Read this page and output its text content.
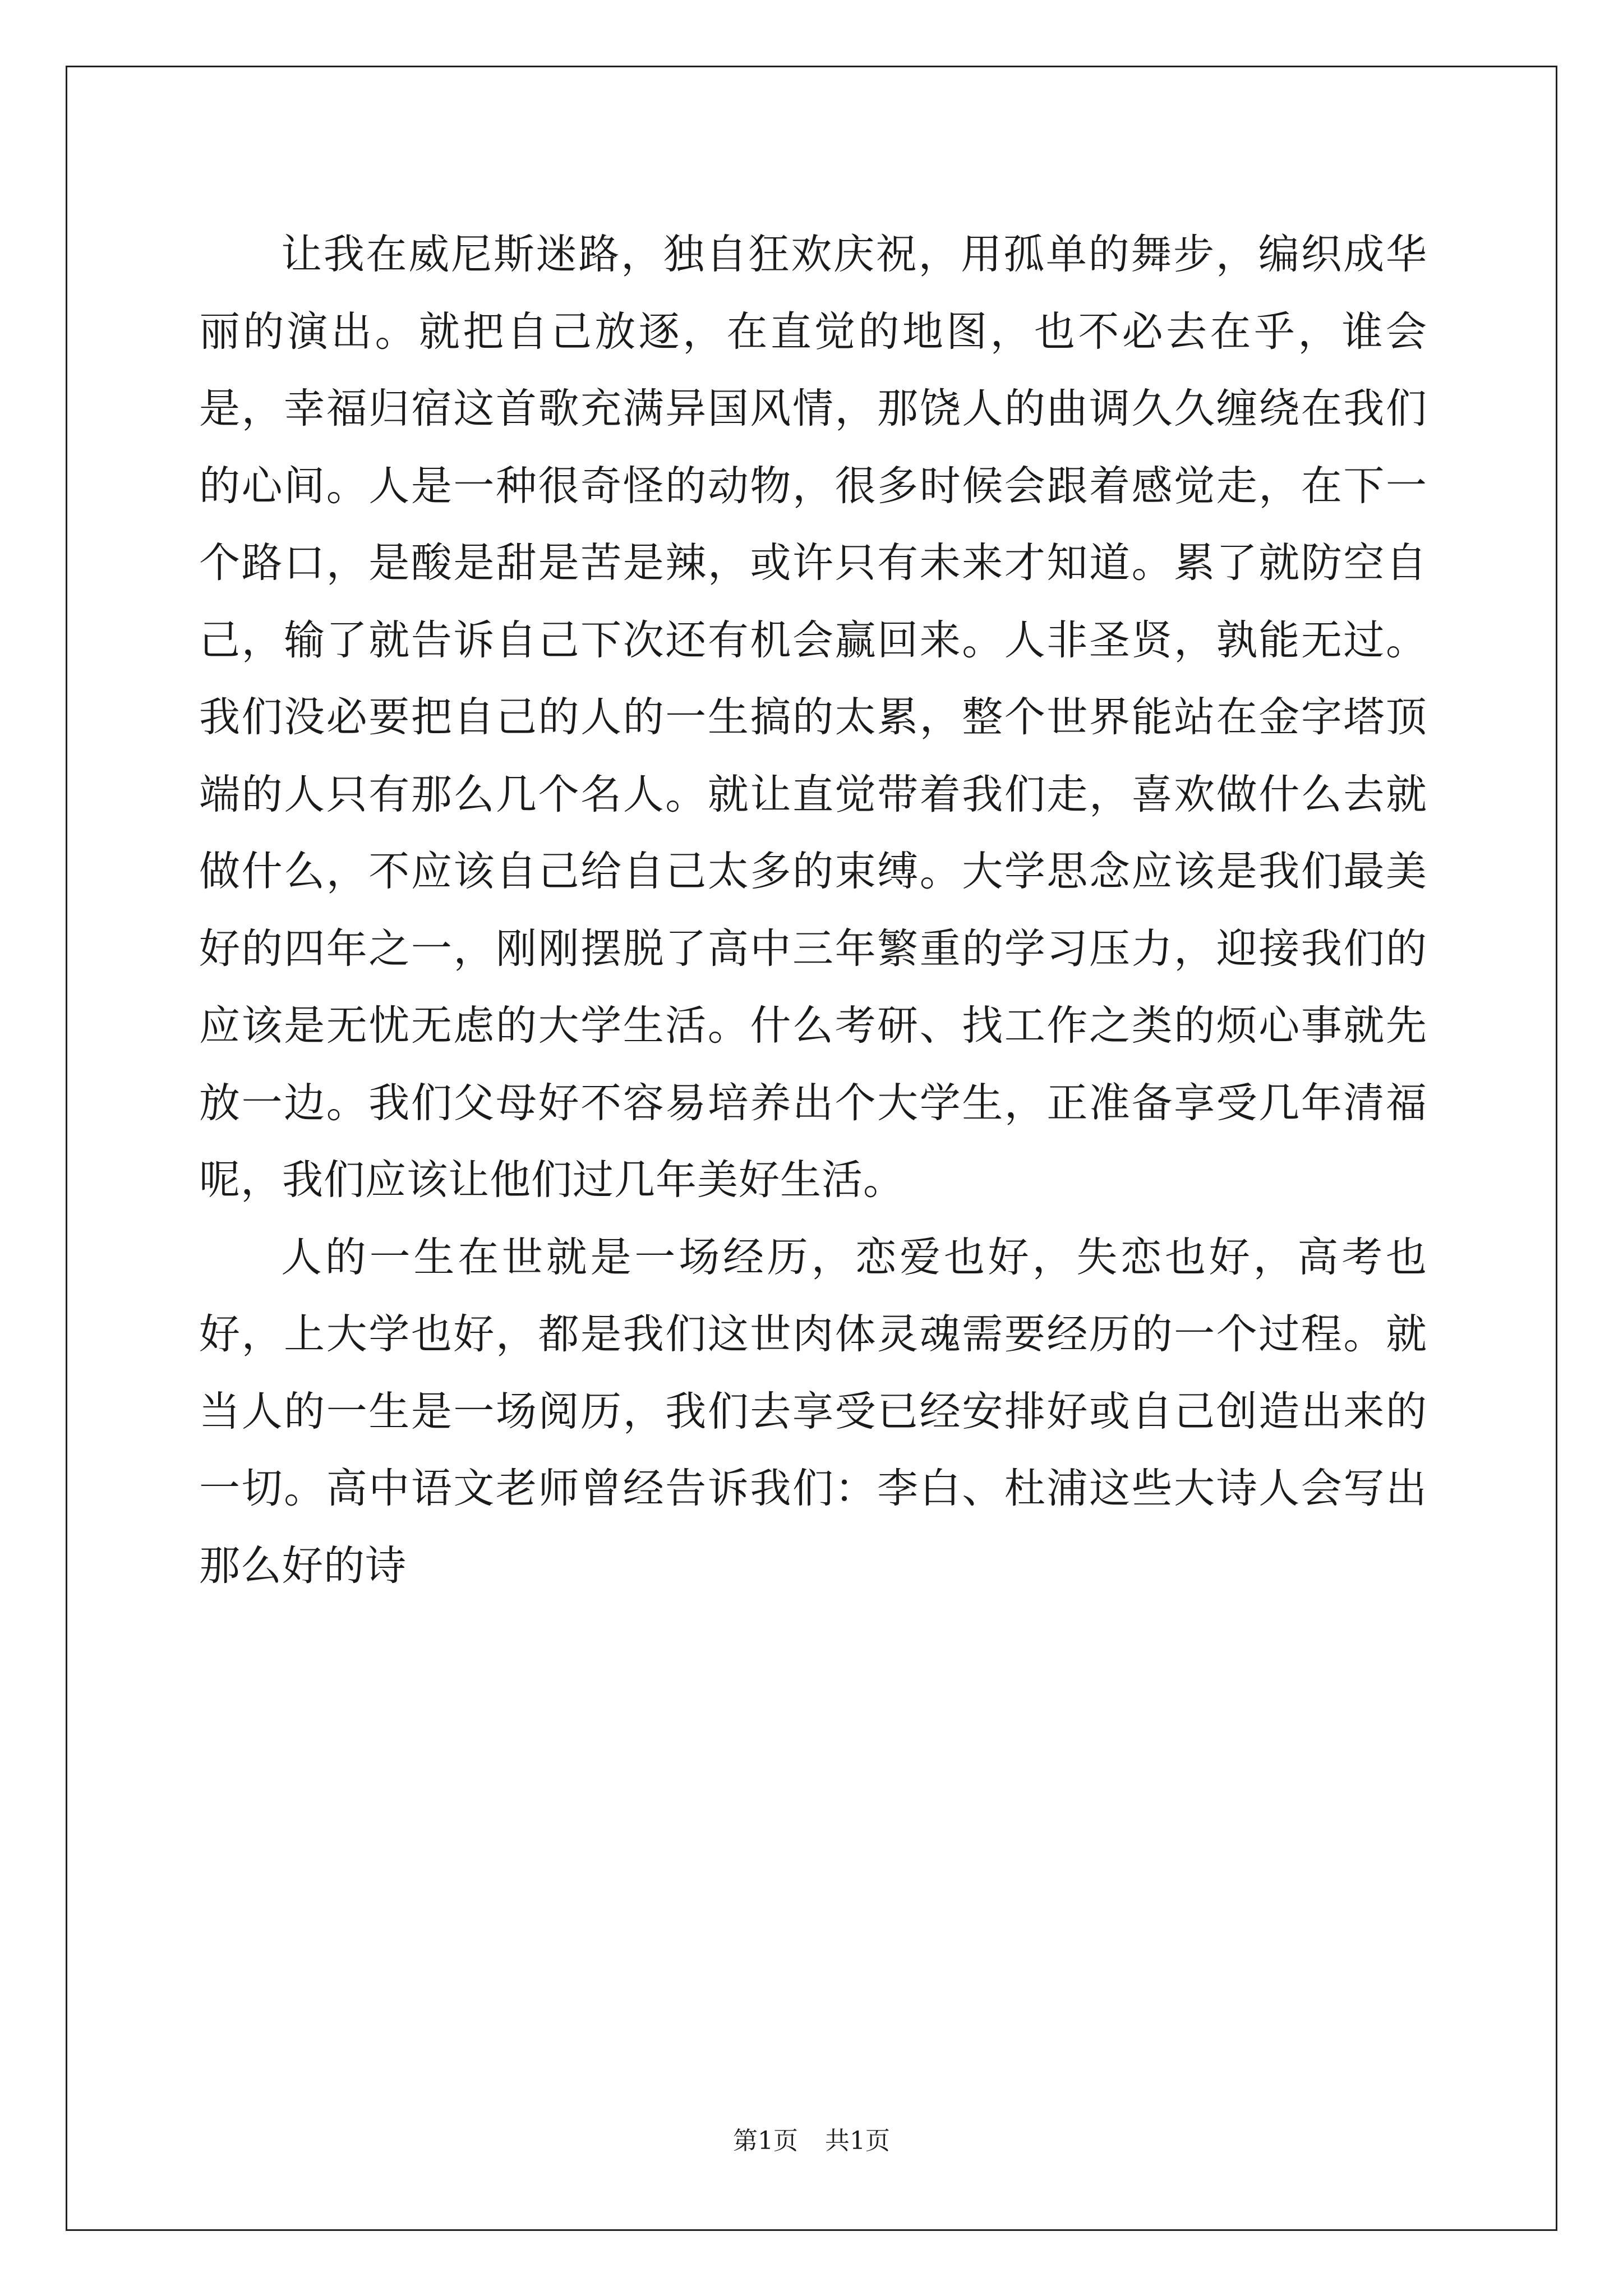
让我在威尼斯迷路，独自狂欢庆祝，用孤单的舞步，编织成华丽的演出。就把自己放逐，在直觉的地图，也不必去在乎，谁会是，幸福归宿这首歌充满异国风情，那饶人的曲调久久缠绕在我们的心间。人是一种很奇怪的动物，很多时候会跟着感觉走，在下一个路口，是酸是甜是苦是辣，或许只有未来才知道。累了就防空自己，输了就告诉自己下次还有机会赢回来。人非圣贤，孰能无过。我们没必要把自己的人的一生搞的太累，整个世界能站在金字塔顶端的人只有那么几个名人。就让直觉带着我们走，喜欢做什么去就做什么，不应该自己给自己太多的束缚。大学思念应该是我们最美好的四年之一，刚刚摆脱了高中三年繁重的学习压力，迎接我们的应该是无忧无虑的大学生活。什么考研、找工作之类的烦心事就先放一边。我们父母好不容易培养出个大学生，正准备享受几年清福呢，我们应该让他们过几年美好生活。

人的一生在世就是一场经历，恋爱也好，失恋也好，高考也好，上大学也好，都是我们这世肉体灵魂需要经历的一个过程。就当人的一生是一场阅历，我们去享受已经安排好或自己创造出来的一切。高中语文老师曾经告诉我们：李白、杜浦这些大诗人会写出那么好的诗

第1页 共1页
